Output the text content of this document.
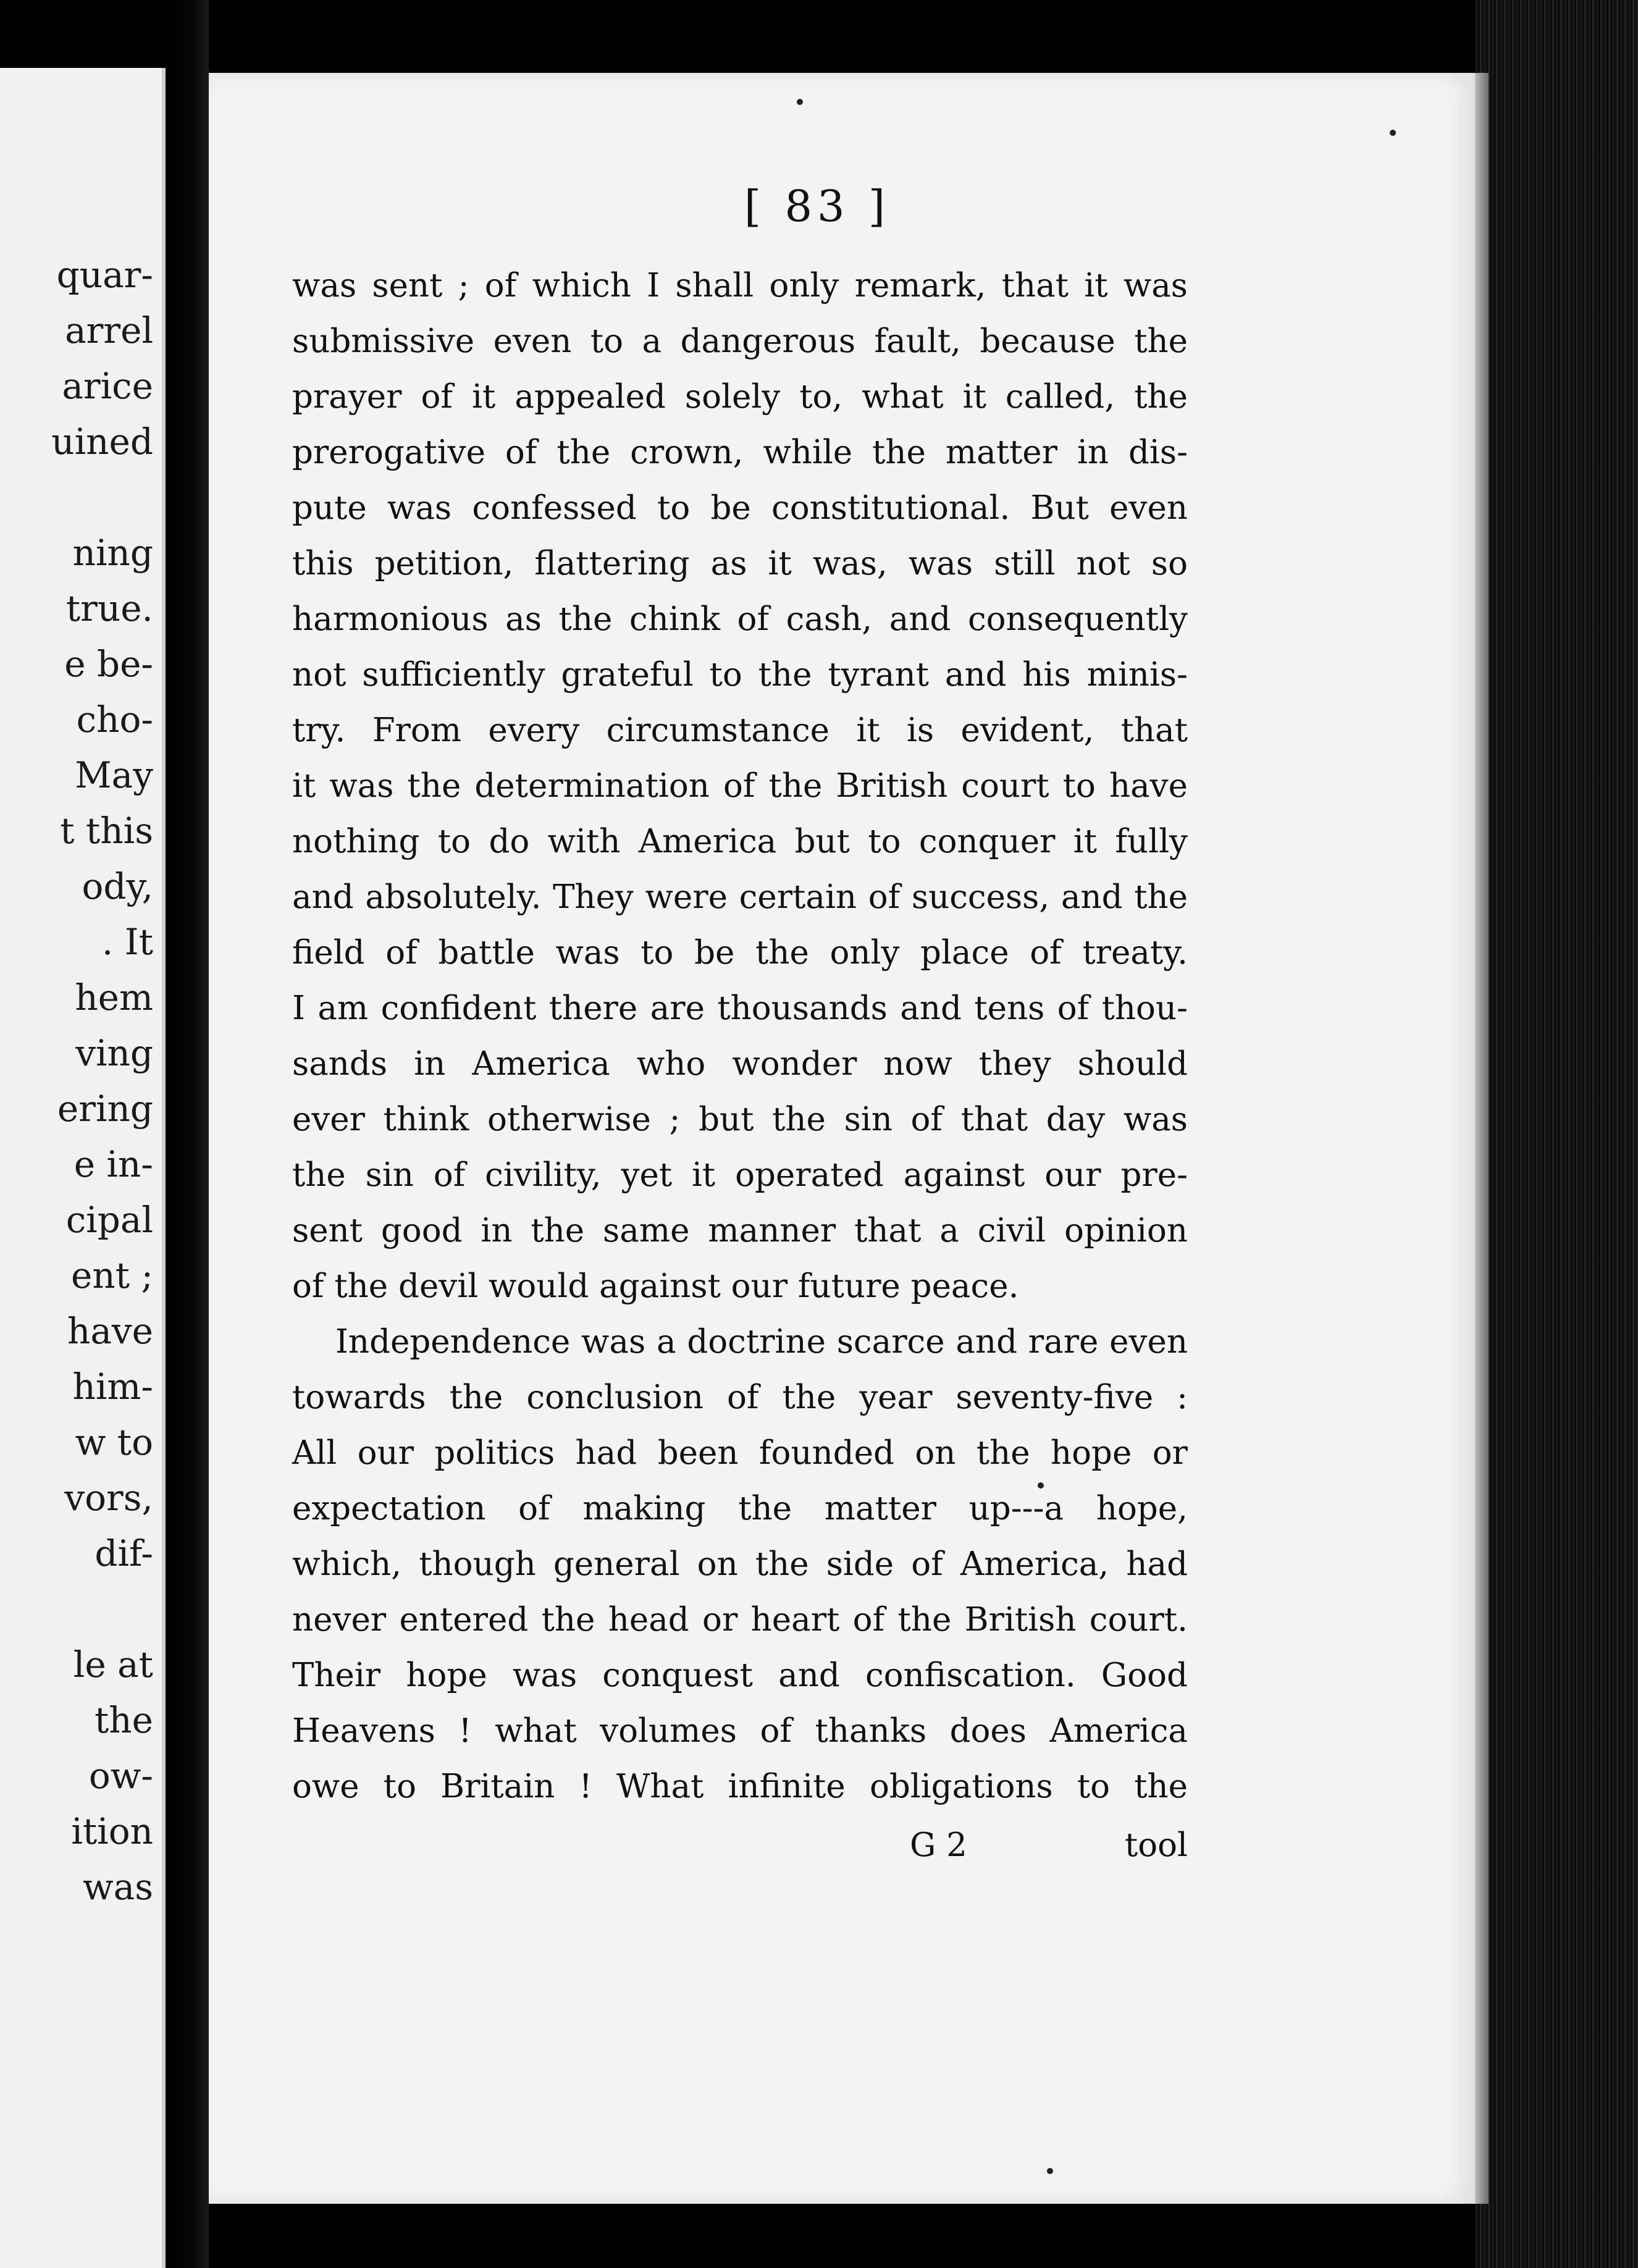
quar-
arrel
arice
uined
ning
true.
e be-
cho-
May
t this
ody,
. It
hem
ving
ering
e in-
cipal
ent ;
have
him-
w to
vors,
dif-
le at
the
ow-
ition
was
[ 83 ]
was sent ; of which I shall only remark, that it was
submissive even to a dangerous fault, because the
prayer of it appealed solely to, what it called, the
prerogative of the crown, while the matter in dis-
pute was confessed to be constitutional. But even
this petition, flattering as it was, was still not so
harmonious as the chink of cash, and consequently
not sufficiently grateful to the tyrant and his minis-
try. From every circumstance it is evident, that
it was the determination of the British court to have
nothing to do with America but to conquer it fully
and absolutely. They were certain of success, and the
field of battle was to be the only place of treaty.
I am confident there are thousands and tens of thou-
sands in America who wonder now they should
ever think otherwise ; but the sin of that day was
the sin of civility, yet it operated against our pre-
sent good in the same manner that a civil opinion
of the devil would against our future peace.
Independence was a doctrine scarce and rare even
towards the conclusion of the year seventy-five :
All our politics had been founded on the hope or
expectation of making the matter up---a hope,
which, though general on the side of America, had
never entered the head or heart of the British court.
Their hope was conquest and confiscation. Good
Heavens ! what volumes of thanks does America
owe to Britain ! What infinite obligations to the
G 2	tool
